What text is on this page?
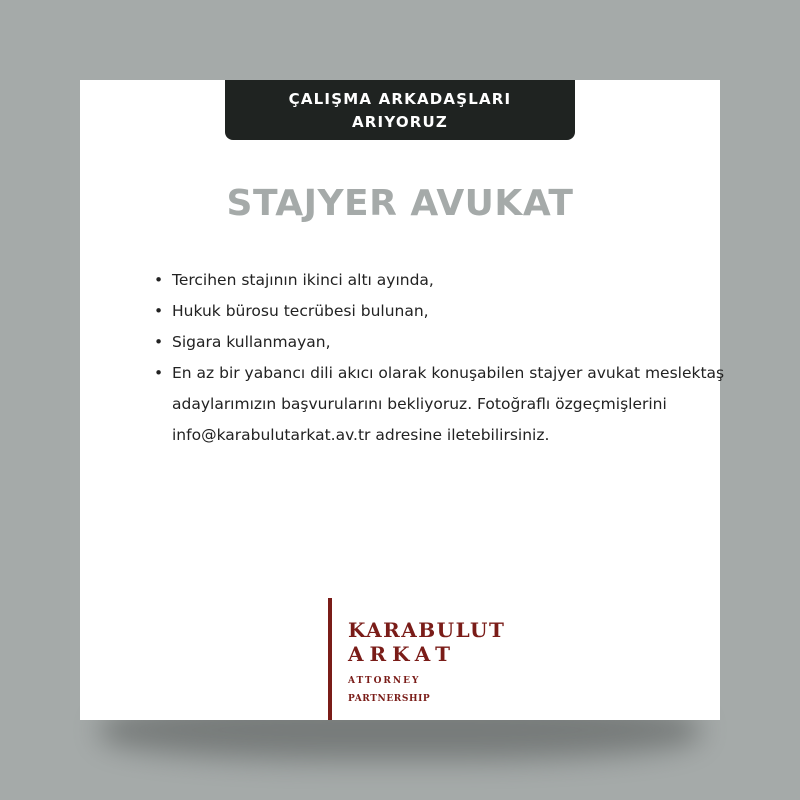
ÇALIŞMA ARKADAŞLARI
ARIYORUZ
STAJYER AVUKAT
• Tercihen stajının ikinci altı ayında,
• Hukuk bürosu tecrübesi bulunan,
• Sigara kullanmayan,
• En az bir yabancı dili akıcı olarak konuşabilen stajyer avukat meslektaş adaylarımızın başvurularını bekliyoruz. Fotoğraflı özgeçmişlerini info@karabulutarkat.av.tr adresine iletebilirsiniz.
KARABULUT
ARKAT
ATTORNEY
PARTNERSHIP
